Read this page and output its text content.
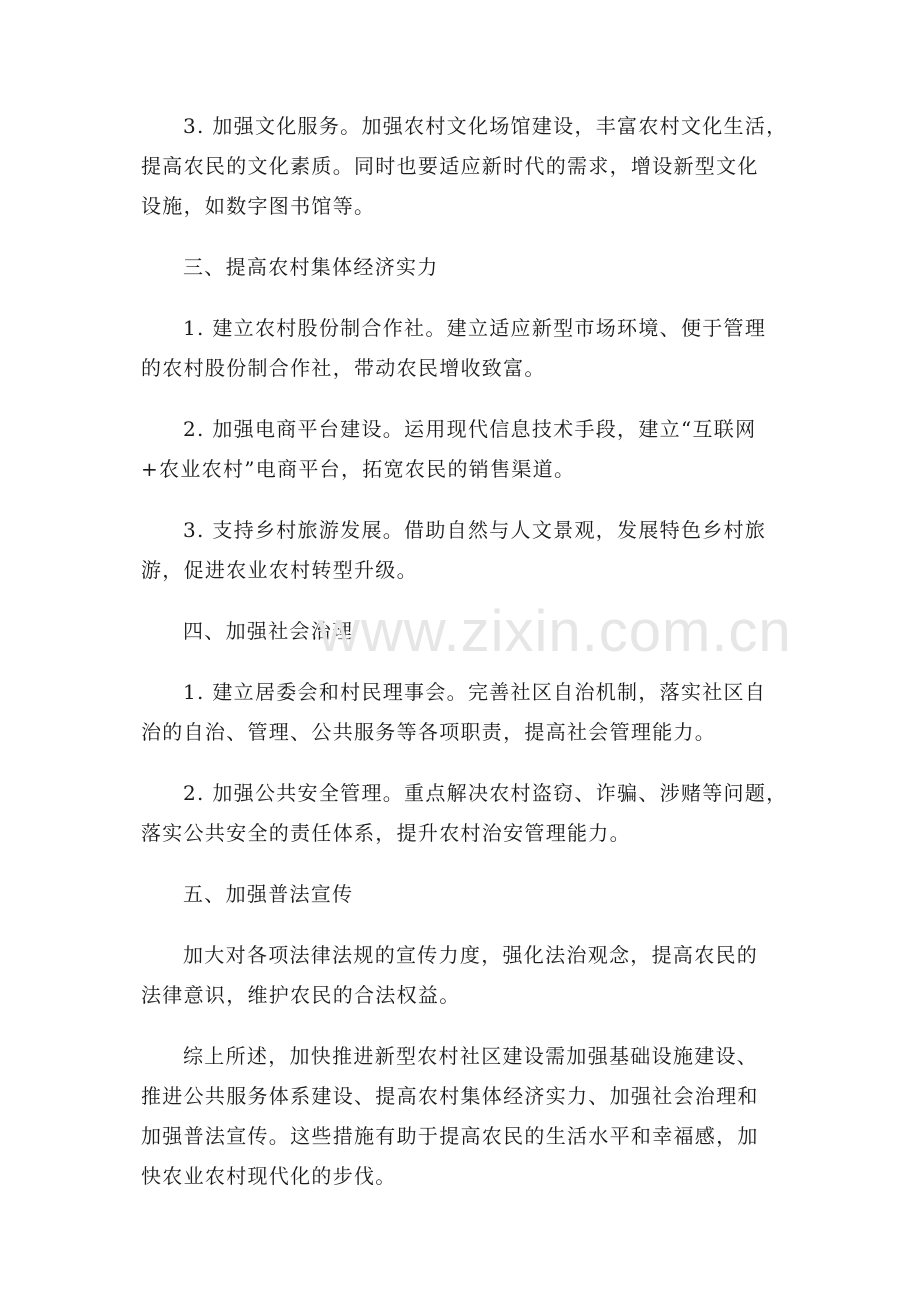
3. 加强文化服务。加强农村文化场馆建设，丰富农村文化生活，
提高农民的文化素质。同时也要适应新时代的需求，增设新型文化
设施，如数字图书馆等。
三、提高农村集体经济实力
1. 建立农村股份制合作社。建立适应新型市场环境、便于管理
的农村股份制合作社，带动农民增收致富。
2. 加强电商平台建设。运用现代信息技术手段，建立“互联网
+农业农村”电商平台，拓宽农民的销售渠道。
3. 支持乡村旅游发展。借助自然与人文景观，发展特色乡村旅
游，促进农业农村转型升级。
四、加强社会治理
1. 建立居委会和村民理事会。完善社区自治机制，落实社区自
治的自治、管理、公共服务等各项职责，提高社会管理能力。
2. 加强公共安全管理。重点解决农村盗窃、诈骗、涉赌等问题，
落实公共安全的责任体系，提升农村治安管理能力。
五、加强普法宣传
加大对各项法律法规的宣传力度，强化法治观念，提高农民的
法律意识，维护农民的合法权益。
综上所述，加快推进新型农村社区建设需加强基础设施建设、
推进公共服务体系建设、提高农村集体经济实力、加强社会治理和
加强普法宣传。这些措施有助于提高农民的生活水平和幸福感，加
快农业农村现代化的步伐。
www.zixin.com.cn
